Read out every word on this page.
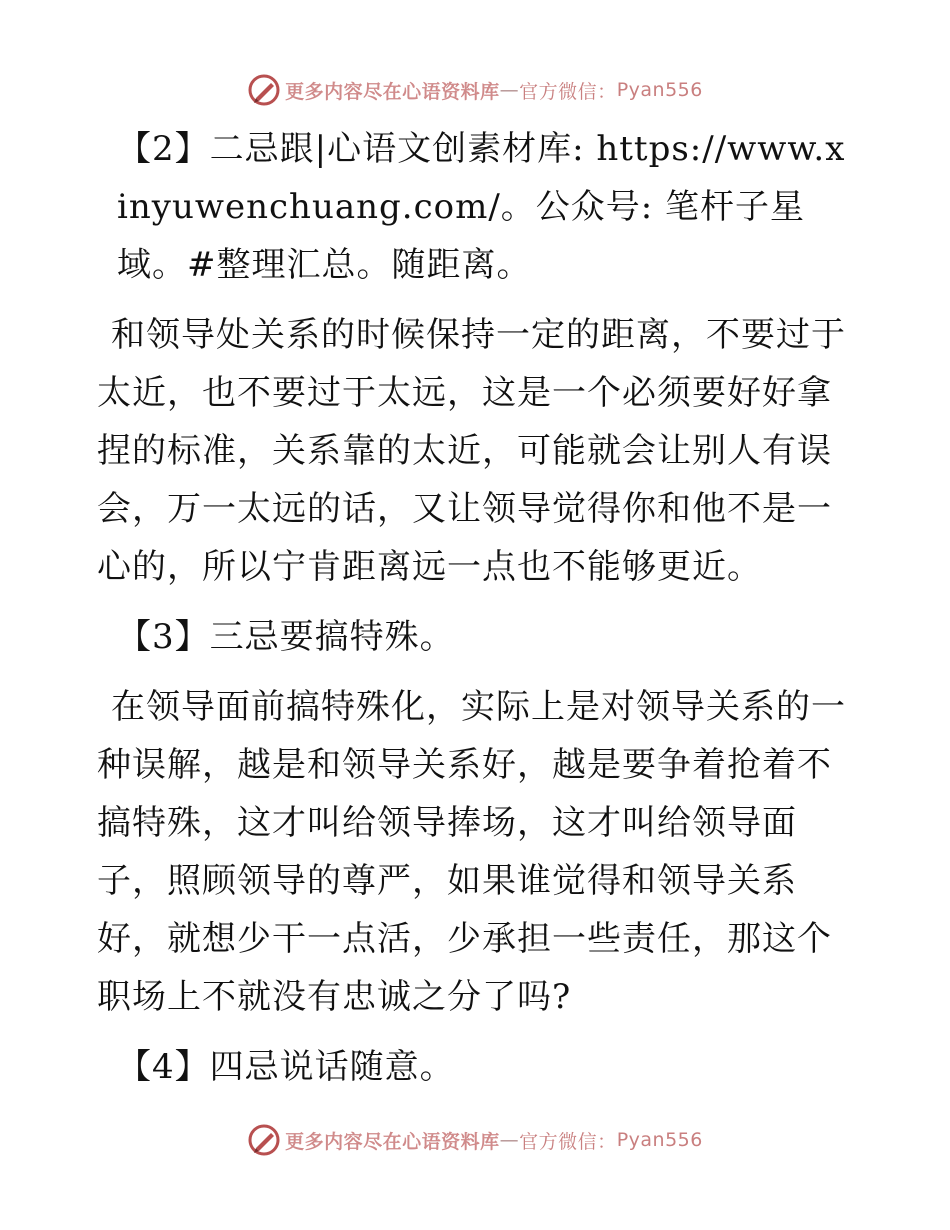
更多内容尽在心语资料库 — 官方微信： Pyan556

【2】二忌跟|心语文创素材库: https://www.xinyuwenchuang.com/。公众号: 笔杆子星域。#整理汇总。随距离。

和领导处关系的时候保持一定的距离，不要过于太近，也不要过于太远，这是一个必须要好好拿捏的标准，关系靠的太近，可能就会让别人有误会，万一太远的话，又让领导觉得你和他不是一心的，所以宁肯距离远一点也不能够更近。

【3】三忌要搞特殊。

在领导面前搞特殊化，实际上是对领导关系的一种误解，越是和领导关系好，越是要争着抢着不搞特殊，这才叫给领导捧场，这才叫给领导面子，照顾领导的尊严，如果谁觉得和领导关系好，就想少干一点活，少承担一些责任，那这个职场上不就没有忠诚之分了吗?

【4】四忌说话随意。

更多内容尽在心语资料库 — 官方微信： Pyan556
